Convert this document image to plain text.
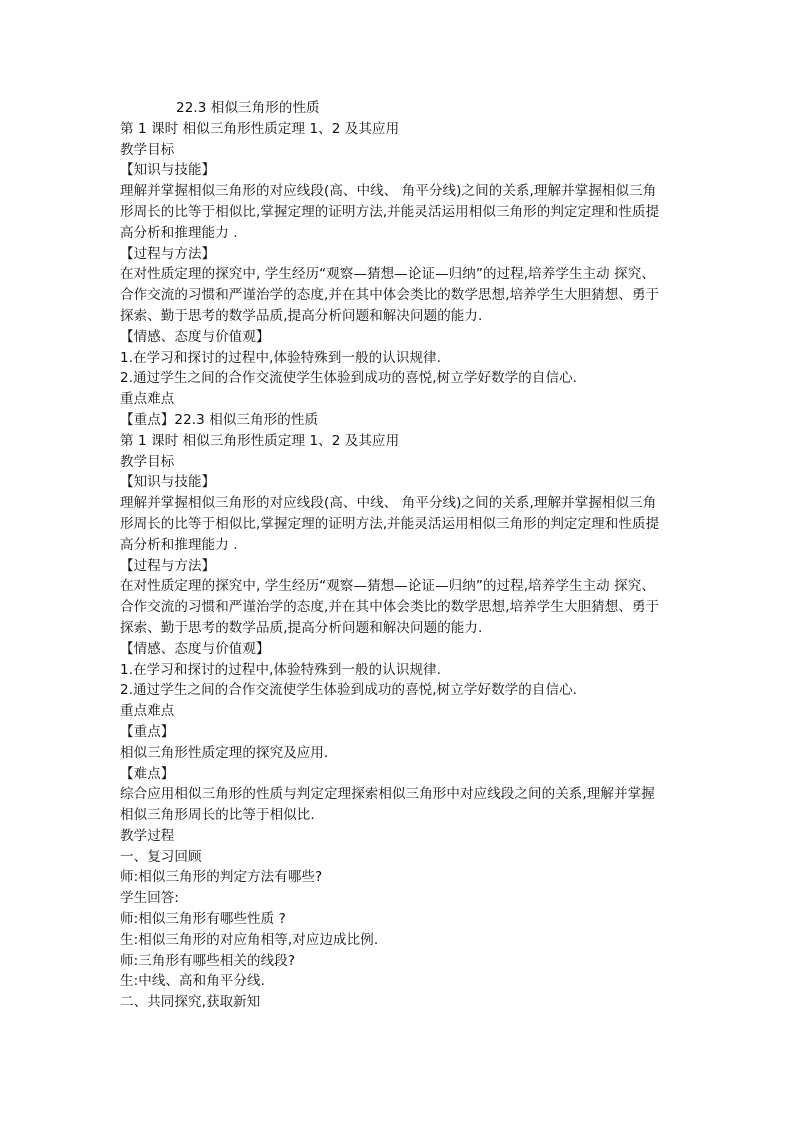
22.3 相似三角形的性质
第 1 课时 相似三角形性质定理 1、2 及其应用
教学目标
【知识与技能】
理解并掌握相似三角形的对应线段(高、中线、 角平分线)之间的关系,理解并掌握相似三角
形周长的比等于相似比,掌握定理的证明方法,并能灵活运用相似三角形的判定定理和性质提
高分析和推理能力 .
【过程与方法】
在对性质定理的探究中, 学生经历“观察—猜想—论证—归纳”的过程,培养学生主动 探究、
合作交流的习惯和严谨治学的态度,并在其中体会类比的数学思想,培养学生大胆猜想、勇于
探索、勤于思考的数学品质,提高分析问题和解决问题的能力.
【情感、态度与价值观】
1.在学习和探讨的过程中,体验特殊到一般的认识规律.
2.通过学生之间的合作交流使学生体验到成功的喜悦,树立学好数学的自信心.
重点难点
【重点】22.3 相似三角形的性质
第 1 课时 相似三角形性质定理 1、2 及其应用
教学目标
【知识与技能】
理解并掌握相似三角形的对应线段(高、中线、 角平分线)之间的关系,理解并掌握相似三角
形周长的比等于相似比,掌握定理的证明方法,并能灵活运用相似三角形的判定定理和性质提
高分析和推理能力 .
【过程与方法】
在对性质定理的探究中, 学生经历“观察—猜想—论证—归纳”的过程,培养学生主动 探究、
合作交流的习惯和严谨治学的态度,并在其中体会类比的数学思想,培养学生大胆猜想、勇于
探索、勤于思考的数学品质,提高分析问题和解决问题的能力.
【情感、态度与价值观】
1.在学习和探讨的过程中,体验特殊到一般的认识规律.
2.通过学生之间的合作交流使学生体验到成功的喜悦,树立学好数学的自信心.
重点难点
【重点】
相似三角形性质定理的探究及应用.
【难点】
综合应用相似三角形的性质与判定定理探索相似三角形中对应线段之间的关系,理解并掌握
相似三角形周长的比等于相似比.
教学过程
一、复习回顾
师:相似三角形的判定方法有哪些?
学生回答:
师:相似三角形有哪些性质 ?
生:相似三角形的对应角相等,对应边成比例.
师:三角形有哪些相关的线段?
生:中线、高和角平分线.
二、共同探究,获取新知
